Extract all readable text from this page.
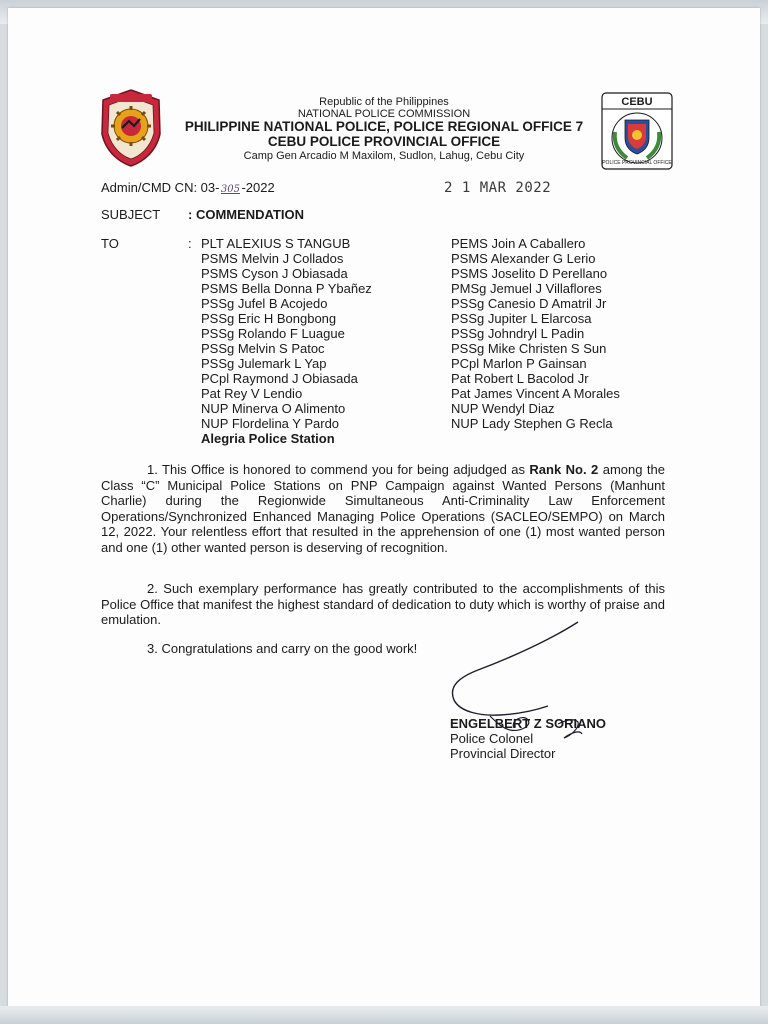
Republic of the Philippines
NATIONAL POLICE COMMISSION
PHILIPPINE NATIONAL POLICE, POLICE REGIONAL OFFICE 7
CEBU POLICE PROVINCIAL OFFICE
Camp Gen Arcadio M Maxilom, Sudlon, Lahug, Cebu City
CEBU
POLICE PROVINCIAL OFFICE
Admin/CMD CN: 03-305-2022	2 1 MAR 2022
SUBJECT : COMMENDATION
TO	: PLT ALEXIUS S TANGUB
PSMS Melvin J Collados
PSMS Cyson J Obiasada
PSMS Bella Donna P Ybañez
PSSg Jufel B Acojedo
PSSg Eric H Bongbong
PSSg Rolando F Luague
PSSg Melvin S Patoc
PSSg Julemark L Yap
PCpl Raymond J Obiasada
Pat Rey V Lendio
NUP Minerva O Alimento
NUP Flordelina Y Pardo
Alegria Police Station
PEMS Join A Caballero
PSMS Alexander G Lerio
PSMS Joselito D Perellano
PMSg Jemuel J Villaflores
PSSg Canesio D Amatril Jr
PSSg Jupiter L Elarcosa
PSSg Johndryl L Padin
PSSg Mike Christen S Sun
PCpl Marlon P Gainsan
Pat Robert L Bacolod Jr
Pat James Vincent A Morales
NUP Wendyl Diaz
NUP Lady Stephen G Recla
1. This Office is honored to commend you for being adjudged as Rank No. 2 among the Class “C” Municipal Police Stations on PNP Campaign against Wanted Persons (Manhunt Charlie) during the Regionwide Simultaneous Anti-Criminality Law Enforcement Operations/Synchronized Enhanced Managing Police Operations (SACLEO/SEMPO) on March 12, 2022. Your relentless effort that resulted in the apprehension of one (1) most wanted person and one (1) other wanted person is deserving of recognition.
2. Such exemplary performance has greatly contributed to the accomplishments of this Police Office that manifest the highest standard of dedication to duty which is worthy of praise and emulation.
3. Congratulations and carry on the good work!
ENGELBERT Z SORIANO
Police Colonel
Provincial Director
